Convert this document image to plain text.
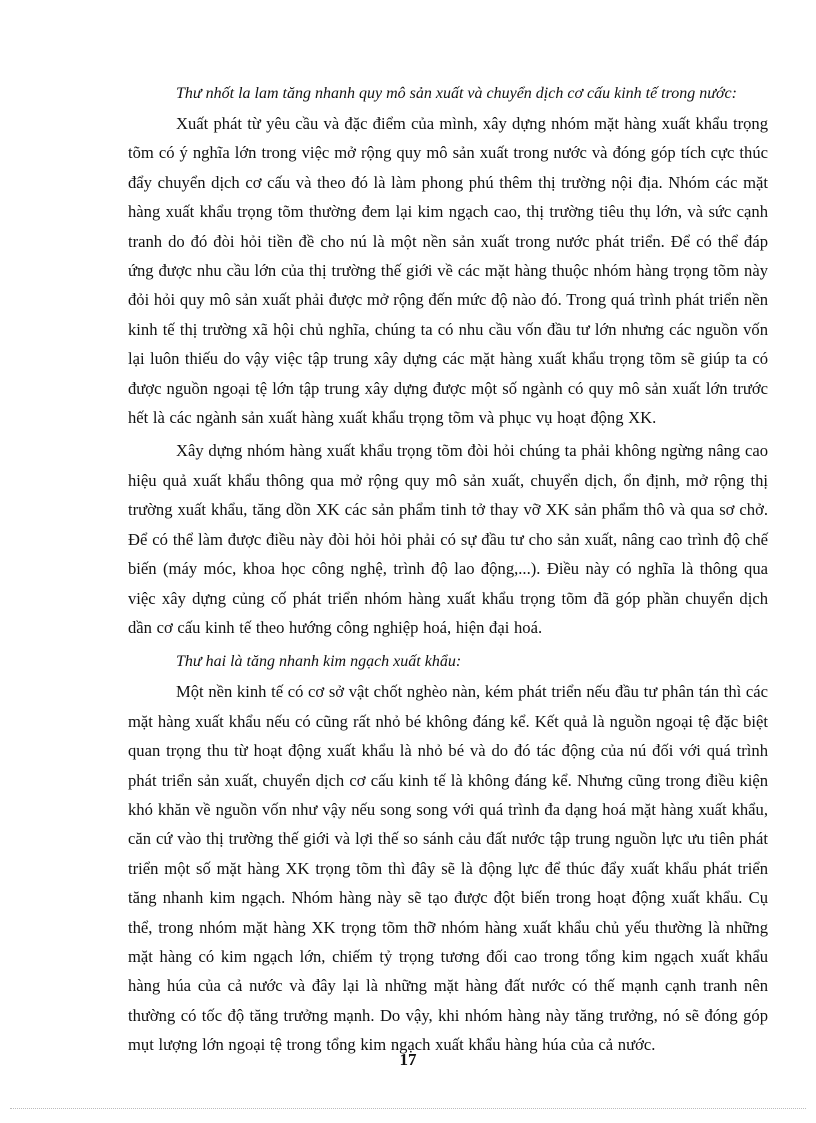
Thư nhốt la lam tăng nhanh quy mô sản xuất và chuyển dịch cơ cấu kinh tế trong nước:

Xuất phát từ yêu cầu và đặc điểm của mình, xây dựng nhóm mặt hàng xuất khẩu trọng tõm có ý nghĩa lớn trong việc mở rộng quy mô sản xuất trong nước và đóng góp tích cực thúc đẩy chuyển dịch cơ cấu và theo đó là làm phong phú thêm thị trường nội địa. Nhóm các mặt hàng xuất khẩu trọng tõm thường đem lại kim ngạch cao, thị trường tiêu thụ lớn, và sức cạnh tranh do đó đòi hỏi tiền đề cho nú là một nền sản xuất trong nước phát triển. Để có thể đáp ứng được nhu cầu lớn của thị trường thế giới về các mặt hàng thuộc nhóm hàng trọng tõm này đỏi hỏi quy mô sản xuất phải được mở rộng đến mức độ nào đó. Trong quá trình phát triển nền kinh tế thị trường xã hội chủ nghĩa, chúng ta có nhu cầu vốn đầu tư lớn nhưng các nguồn vốn lại luôn thiếu do vậy việc tập trung xây dựng các mặt hàng xuất khẩu trọng tõm sẽ giúp ta có được nguồn ngoại tệ lớn tập trung xây dựng được một số ngành có quy mô sản xuất lớn trước hết là các ngành sản xuất hàng xuất khẩu trọng tõm và phục vụ hoạt động XK.

Xây dựng nhóm hàng xuất khẩu trọng tõm đòi hỏi chúng ta phải không ngừng nâng cao hiệu quả xuất khẩu thông qua mở rộng quy mô sản xuất, chuyển dịch, ổn định, mở rộng thị trường xuất khẩu, tăng dồn XK các sản phẩm tinh tở thay vỡ XK sản phẩm thô và qua sơ chở. Để có thể làm được điều này đòi hỏi hỏi phải có sự đầu tư cho sản xuất, nâng cao trình độ chế biến (máy móc, khoa học công nghệ, trình độ lao động,...). Điều này có nghĩa là thông qua việc xây dựng củng cố phát triển nhóm hàng xuất khẩu trọng tõm đã góp phần chuyển dịch dần cơ cấu kinh tế theo hướng công nghiệp hoá, hiện đại hoá.

Thư hai là tăng nhanh kim ngạch xuất khẩu:

Một nền kinh tế có cơ sở vật chốt nghèo nàn, kém phát triển nếu đầu tư phân tán thì các mặt hàng xuất khẩu nếu có cũng rất nhỏ bé không đáng kể. Kết quả là nguồn ngoại tệ đặc biệt quan trọng thu từ hoạt động xuất khẩu là nhỏ bé và do đó tác động của nú đối với quá trình phát triển sản xuất, chuyển dịch cơ cấu kinh tế là không đáng kể. Nhưng cũng trong điều kiện khó khăn về nguồn vốn như vậy nếu song song với quá trình đa dạng hoá mặt hàng xuất khẩu, căn cứ vào thị trường thế giới và lợi thế so sánh cảu đất nước tập trung nguồn lực ưu tiên phát triển một số mặt hàng XK trọng tõm thì đây sẽ là động lực để thúc đẩy xuất khẩu phát triển tăng nhanh kim ngạch. Nhóm hàng này sẽ tạo được đột biến trong hoạt động xuất khẩu. Cụ thể, trong nhóm mặt hàng XK trọng tõm thỡ nhóm hàng xuất khẩu chủ yếu thường là những mặt hàng có kim ngạch lớn, chiếm tỷ trọng tương đối cao trong tổng kim ngạch xuất khẩu hàng húa của cả nước và đây lại là những mặt hàng đất nước có thế mạnh cạnh tranh nên thường có tốc độ tăng trưởng mạnh. Do vậy, khi nhóm hàng này tăng trưởng, nó sẽ đóng góp mụt lượng lớn ngoại tệ trong tổng kim ngạch xuất khẩu hàng húa của cả nước.

17
